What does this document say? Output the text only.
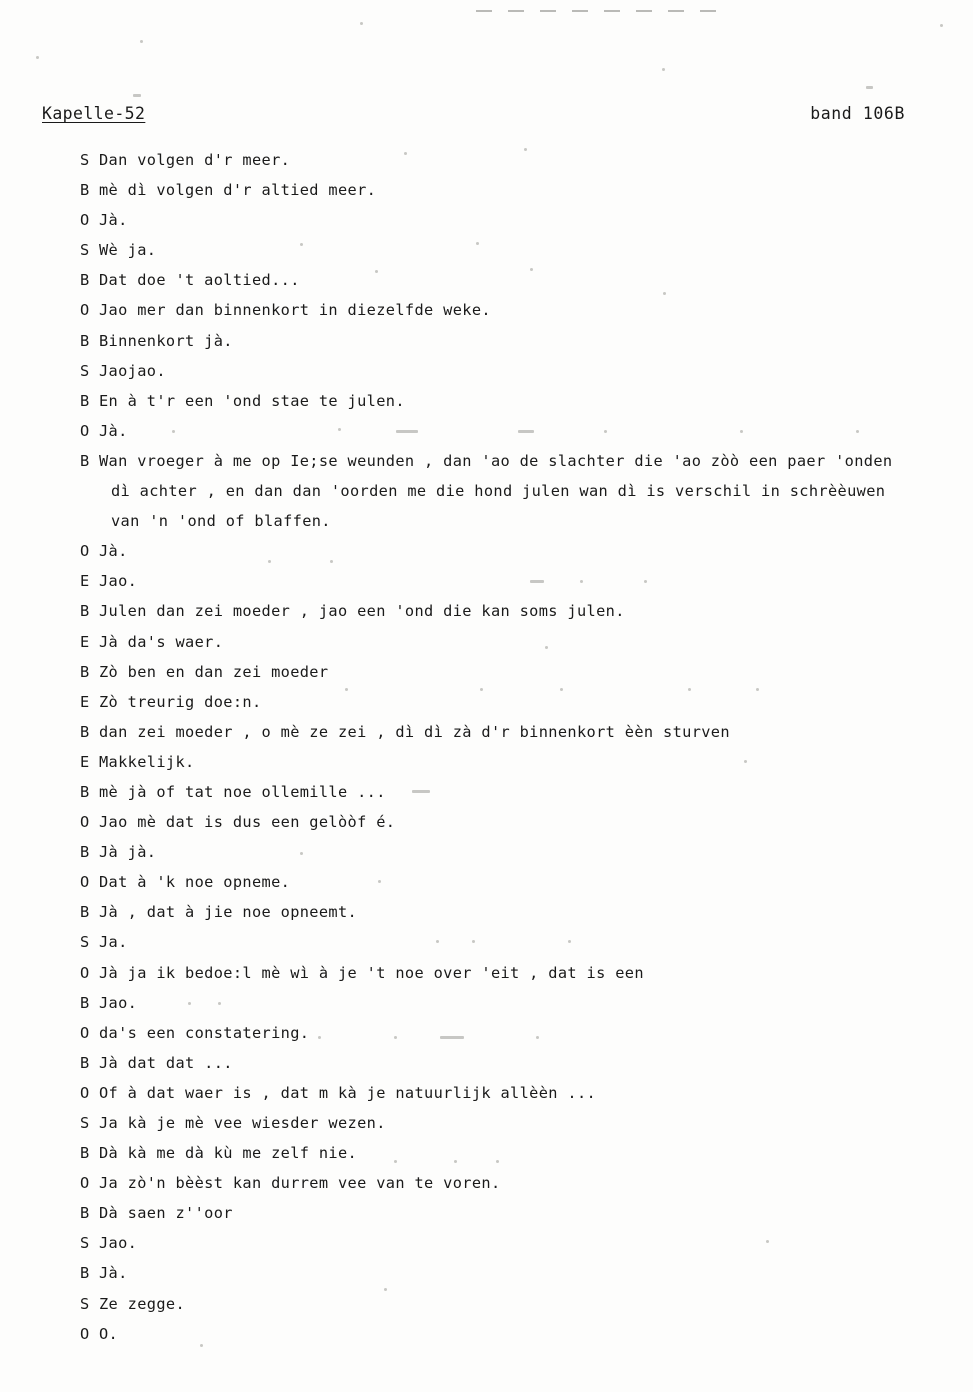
Kapelle-52	band 106B
S Dan volgen d'r meer.
B mè dì volgen d'r altied meer.
O Jà.
S Wè ja.
B Dat doe 't aoltied...
O Jao mer dan binnenkort in diezelfde weke.
B Binnenkort jà.
S Jaojao.
B En à t'r een 'ond stae te julen.
O Jà.
B Wan vroeger à me op Ie;se weunden , dan 'ao de slachter die 'ao zòò een paer 'onden
dì achter , en dan dan 'oorden me die hond julen wan dì is verschil in schrèèuwen
van 'n 'ond of blaffen.
O Jà.
E Jao.
B Julen dan zei moeder , jao een 'ond die kan soms julen.
E Jà da's waer.
B Zò ben en dan zei moeder
E Zò treurig doe:n.
B dan zei moeder , o mè ze zei , dì dì zà d'r binnenkort èèn sturven
E Makkelijk.
B mè jà of tat noe ollemille ...
O Jao mè dat is dus een gelòòf é.
B Jà jà.
O Dat à 'k noe opneme.
B Jà , dat à jie noe opneemt.
S Ja.
O Jà ja ik bedoe:l mè wì à je 't noe over 'eit , dat is een
B Jao.
O da's een constatering.
B Jà dat dat ...
O Of à dat waer is , dat m kà je natuurlijk allèèn ...
S Ja kà je mè vee wiesder wezen.
B Dà kà me dà kù me zelf nie.
O Ja zò'n bèèst kan durrem vee van te voren.
B Dà saen z''oor
S Jao.
B Jà.
S Ze zegge.
O O.
